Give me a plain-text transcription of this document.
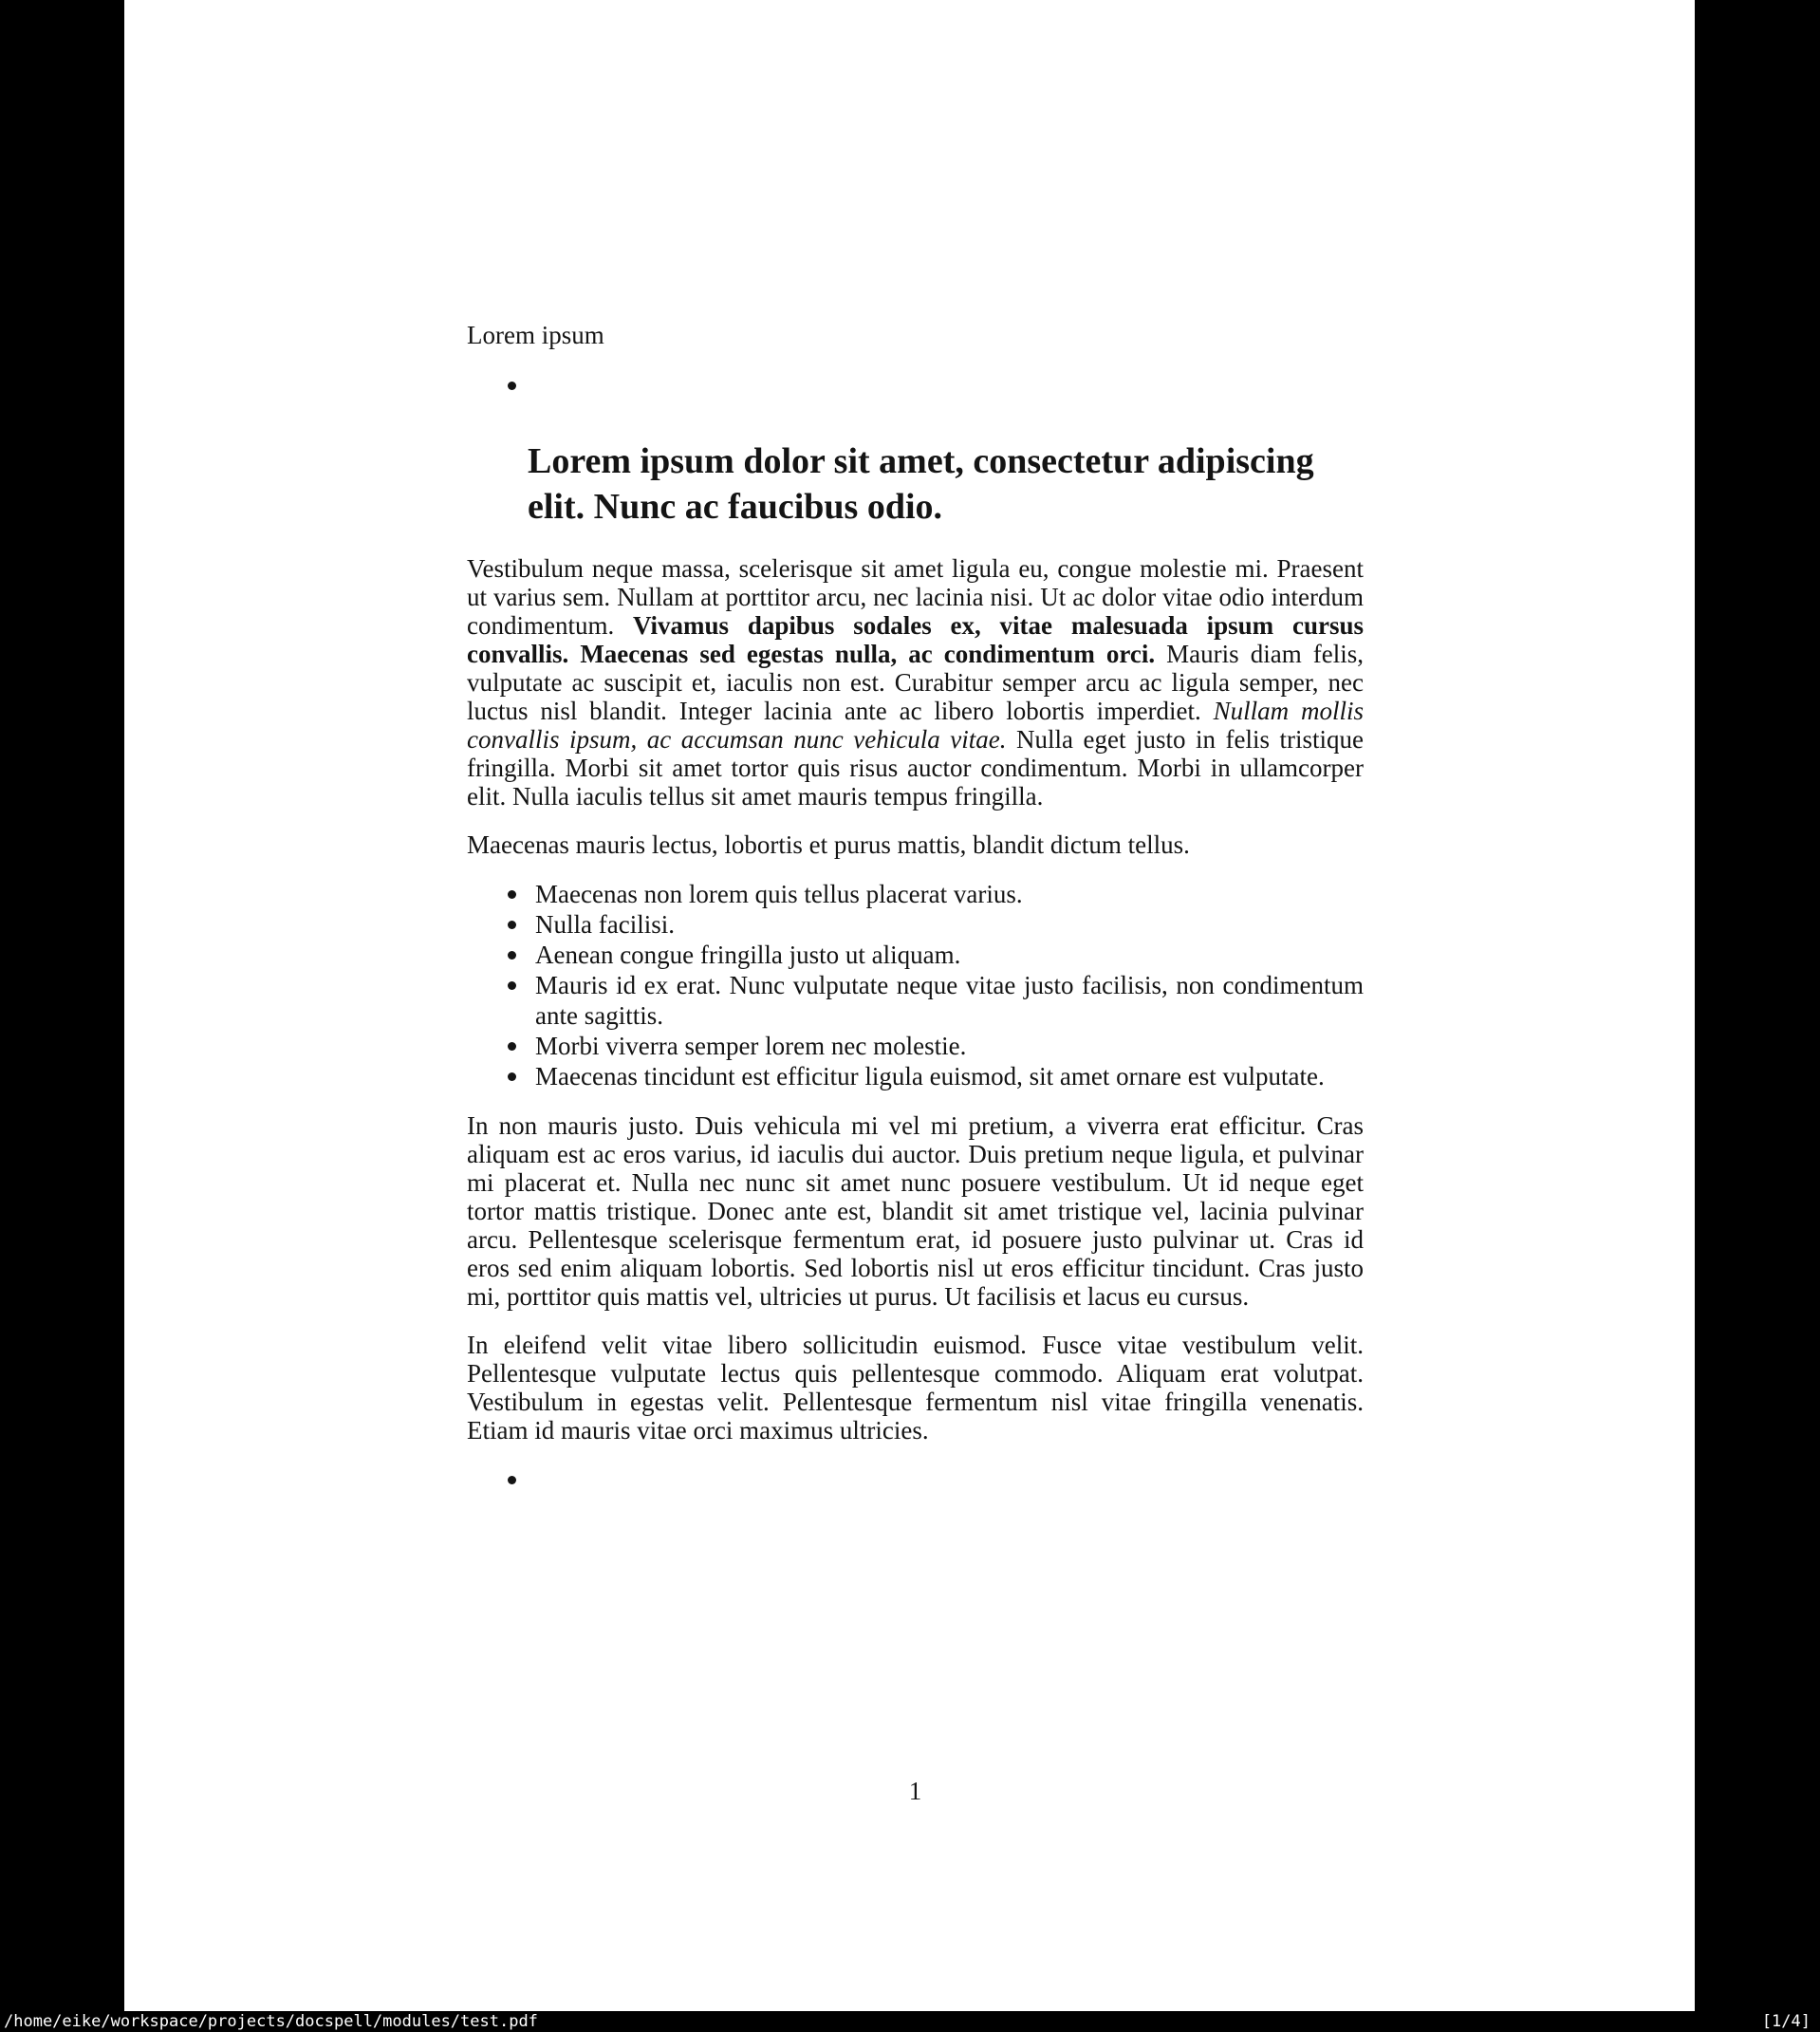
Lorem ipsum

Lorem ipsum dolor sit amet, consectetur adipiscing elit. Nunc ac faucibus odio.

Vestibulum neque massa, scelerisque sit amet ligula eu, congue molestie mi. Praesent ut varius sem. Nullam at porttitor arcu, nec lacinia nisi. Ut ac dolor vitae odio interdum condimentum. Vivamus dapibus sodales ex, vitae malesuada ipsum cursus convallis. Maecenas sed egestas nulla, ac condimentum orci. Mauris diam felis, vulputate ac suscipit et, iaculis non est. Curabitur semper arcu ac ligula semper, nec luctus nisl blandit. Integer lacinia ante ac libero lobortis imperdiet. Nullam mollis convallis ipsum, ac accumsan nunc vehicula vitae. Nulla eget justo in felis tristique fringilla. Morbi sit amet tortor quis risus auctor condimentum. Morbi in ullamcorper elit. Nulla iaculis tellus sit amet mauris tempus fringilla.

Maecenas mauris lectus, lobortis et purus mattis, blandit dictum tellus.

Maecenas non lorem quis tellus placerat varius.
Nulla facilisi.
Aenean congue fringilla justo ut aliquam.
Mauris id ex erat. Nunc vulputate neque vitae justo facilisis, non condimentum ante sagittis.
Morbi viverra semper lorem nec molestie.
Maecenas tincidunt est efficitur ligula euismod, sit amet ornare est vulputate.

In non mauris justo. Duis vehicula mi vel mi pretium, a viverra erat efficitur. Cras aliquam est ac eros varius, id iaculis dui auctor. Duis pretium neque ligula, et pulvinar mi placerat et. Nulla nec nunc sit amet nunc posuere vestibulum. Ut id neque eget tortor mattis tristique. Donec ante est, blandit sit amet tristique vel, lacinia pulvinar arcu. Pellentesque scelerisque fermentum erat, id posuere justo pulvinar ut. Cras id eros sed enim aliquam lobortis. Sed lobortis nisl ut eros efficitur tincidunt. Cras justo mi, porttitor quis mattis vel, ultricies ut purus. Ut facilisis et lacus eu cursus.

In eleifend velit vitae libero sollicitudin euismod. Fusce vitae vestibulum velit. Pellentesque vulputate lectus quis pellentesque commodo. Aliquam erat volutpat. Vestibulum in egestas velit. Pellentesque fermentum nisl vitae fringilla venenatis. Etiam id mauris vitae orci maximus ultricies.

1
/home/eike/workspace/projects/docspell/modules/test.pdf	[1/4]
